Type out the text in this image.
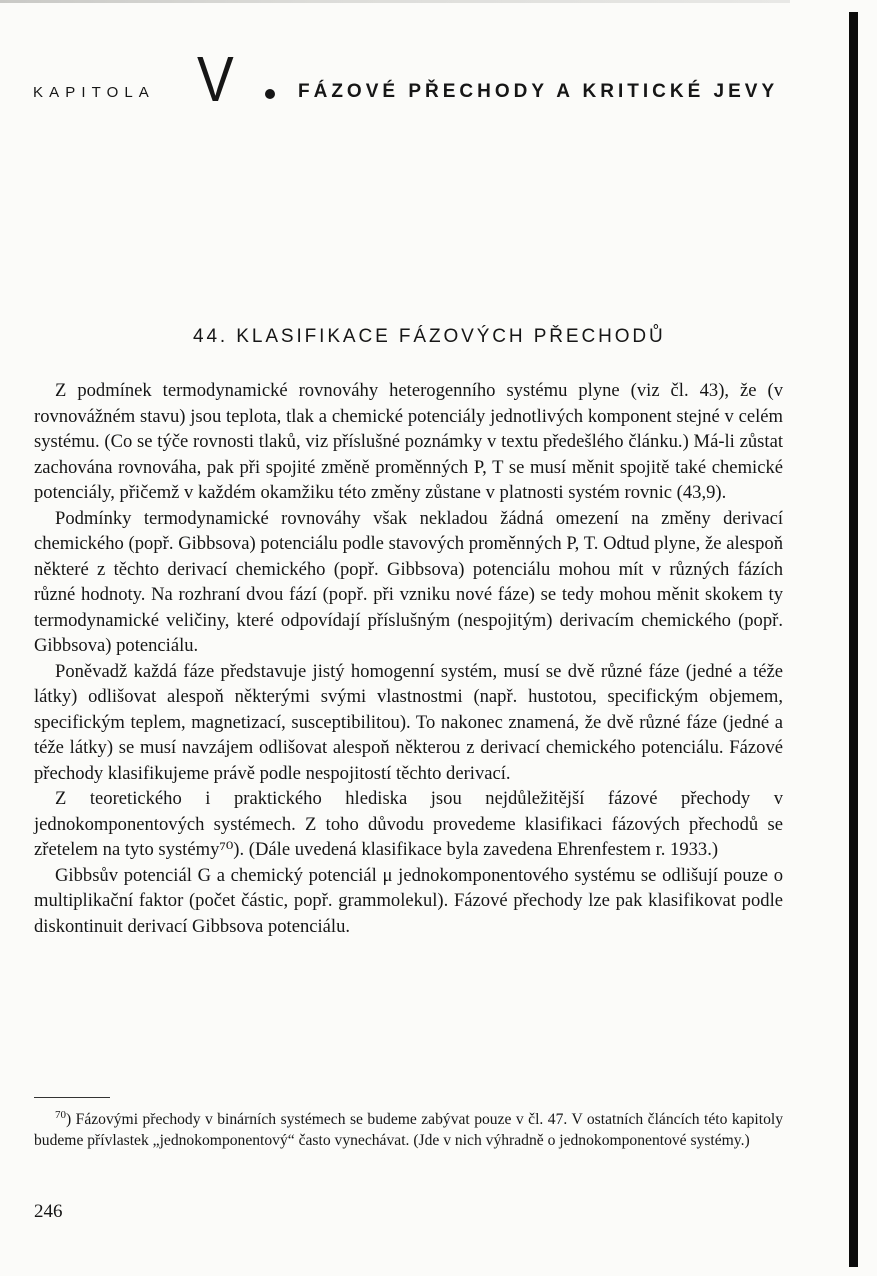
KAPITOLA V	FÁZOVÉ PŘECHODY A KRITICKÉ JEVY
44. KLASIFIKACE FÁZOVÝCH PŘECHODŮ

Z podmínek termodynamické rovnováhy heterogenního systému plyne (viz čl. 43), že (v rovnovážném stavu) jsou teplota, tlak a chemické potenciály jednotlivých komponent stejné v celém systému. (Co se týče rovnosti tlaků, viz příslušné poznámky v textu předešlého článku.) Má-li zůstat zachována rovnováha, pak při spojité změně proměnných P, T se musí měnit spojitě také chemické potenciály, přičemž v každém okamžiku této změny zůstane v platnosti systém rovnic (43,9).

Podmínky termodynamické rovnováhy však nekladou žádná omezení na změny derivací chemického (popř. Gibbsova) potenciálu podle stavových proměnných P, T. Odtud plyne, že alespoň některé z těchto derivací chemického (popř. Gibbsova) potenciálu mohou mít v různých fázích různé hodnoty. Na rozhraní dvou fází (popř. při vzniku nové fáze) se tedy mohou měnit skokem ty termodynamické veličiny, které odpovídají příslušným (nespojitým) derivacím chemického (popř. Gibbsova) potenciálu.

Poněvadž každá fáze představuje jistý homogenní systém, musí se dvě různé fáze (jedné a téže látky) odlišovat alespoň některými svými vlastnostmi (např. hustotou, specifickým objemem, specifickým teplem, magnetizací, susceptibilitou). To nakonec znamená, že dvě různé fáze (jedné a téže látky) se musí navzájem odlišovat alespoň některou z derivací chemického potenciálu. Fázové přechody klasifikujeme právě podle nespojitostí těchto derivací.

Z teoretického i praktického hlediska jsou nejdůležitější fázové přechody v jednokomponentových systémech. Z toho důvodu provedeme klasifikaci fázových přechodů se zřetelem na tyto systémy⁷⁰). (Dále uvedená klasifikace byla zavedena Ehrenfestem r. 1933.)

Gibbsův potenciál G a chemický potenciál μ jednokomponentového systému se odlišují pouze o multiplikační faktor (počet částic, popř. grammolekul). Fázové přechody lze pak klasifikovat podle diskontinuit derivací Gibbsova potenciálu.

$^{70}$) Fázovými přechody v binárních systémech se budeme zabývat pouze v čl. 47. V ostatních článcích této kapitoly budeme přívlastek „jednokomponentový“ často vynechávat. (Jde v nich výhradně o jednokomponentové systémy.)
246
